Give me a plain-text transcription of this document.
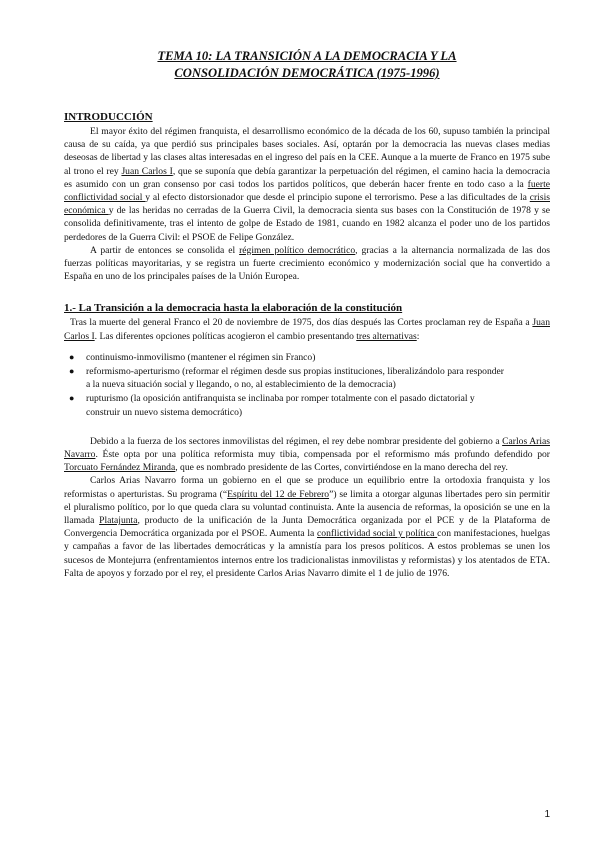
TEMA 10: LA TRANSICIÓN A LA DEMOCRACIA Y LA
CONSOLIDACIÓN DEMOCRÁTICA (1975-1996)
INTRODUCCIÓN

El mayor éxito del régimen franquista, el desarrollismo económico de la década de los 60, supuso también la principal causa de su caída, ya que perdió sus principales bases sociales. Así, optarán por la democracia las nuevas clases medias deseosas de libertad y las clases altas interesadas en el ingreso del país en la CEE. Aunque a la muerte de Franco en 1975 sube al trono el rey Juan Carlos I, que se suponía que debía garantizar la perpetuación del régimen, el camino hacia la democracia es asumido con un gran consenso por casi todos los partidos políticos, que deberán hacer frente en todo caso a la fuerte conflictividad social y al efecto distorsionador que desde el principio supone el terrorismo. Pese a las dificultades de la crisis económica y de las heridas no cerradas de la Guerra Civil, la democracia sienta sus bases con la Constitución de 1978 y se consolida definitivamente, tras el intento de golpe de Estado de 1981, cuando en 1982 alcanza el poder uno de los partidos perdedores de la Guerra Civil: el PSOE de Felipe González.

A partir de entonces se consolida el régimen político democrático, gracias a la alternancia normalizada de las dos fuerzas políticas mayoritarias, y se registra un fuerte crecimiento económico y modernización social que ha convertido a España en uno de los principales países de la Unión Europea.

1.- La Transición a la democracia hasta la elaboración de la constitución

Tras la muerte del general Franco el 20 de noviembre de 1975, dos días después las Cortes proclaman rey de España a Juan Carlos I. Las diferentes opciones políticas acogieron el cambio presentando tres alternativas:

● continuismo-inmovilismo (mantener el régimen sin Franco)
● reformismo-aperturismo (reformar el régimen desde sus propias instituciones, liberalizándolo para responder a la nueva situación social y llegando, o no, al establecimiento de la democracia)
● rupturismo (la oposición antifranquista se inclinaba por romper totalmente con el pasado dictatorial y construir un nuevo sistema democrático)

Debido a la fuerza de los sectores inmovilistas del régimen, el rey debe nombrar presidente del gobierno a Carlos Arias Navarro. Éste opta por una política reformista muy tibia, compensada por el reformismo más profundo defendido por Torcuato Fernández Miranda, que es nombrado presidente de las Cortes, convirtiéndose en la mano derecha del rey.

Carlos Arias Navarro forma un gobierno en el que se produce un equilibrio entre la ortodoxia franquista y los reformistas o aperturistas. Su programa (“Espíritu del 12 de Febrero”) se limita a otorgar algunas libertades pero sin permitir el pluralismo político, por lo que queda clara su voluntad continuista. Ante la ausencia de reformas, la oposición se une en la llamada Platajunta, producto de la unificación de la Junta Democrática organizada por el PCE y de la Plataforma de Convergencia Democrática organizada por el PSOE. Aumenta la conflictividad social y política con manifestaciones, huelgas y campañas a favor de las libertades democráticas y la amnistía para los presos políticos. A estos problemas se unen los sucesos de Montejurra (enfrentamientos internos entre los tradicionalistas inmovilistas y reformistas) y los atentados de ETA. Falta de apoyos y forzado por el rey, el presidente Carlos Arias Navarro dimite el 1 de julio de 1976.

1
